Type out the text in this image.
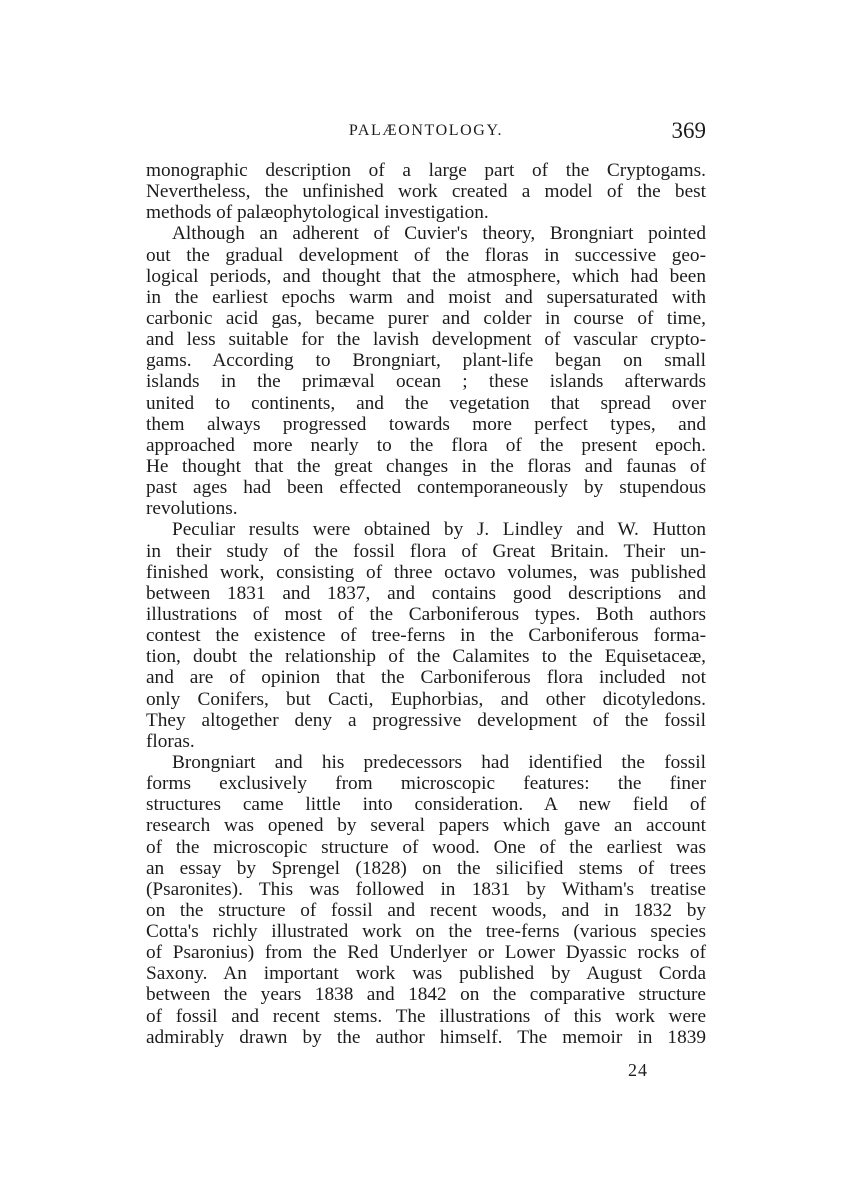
PALÆONTOLOGY.	369
monographic description of a large part of the Cryptogams.
Nevertheless, the unfinished work created a model of the best
methods of palæophytological investigation.
Although an adherent of Cuvier's theory, Brongniart pointed
out the gradual development of the floras in successive geo-
logical periods, and thought that the atmosphere, which had been
in the earliest epochs warm and moist and supersaturated with
carbonic acid gas, became purer and colder in course of time,
and less suitable for the lavish development of vascular crypto-
gams. According to Brongniart, plant-life began on small
islands in the primæval ocean ; these islands afterwards
united to continents, and the vegetation that spread over
them always progressed towards more perfect types, and
approached more nearly to the flora of the present epoch.
He thought that the great changes in the floras and faunas of
past ages had been effected contemporaneously by stupendous
revolutions.
Peculiar results were obtained by J. Lindley and W. Hutton
in their study of the fossil flora of Great Britain. Their un-
finished work, consisting of three octavo volumes, was published
between 1831 and 1837, and contains good descriptions and
illustrations of most of the Carboniferous types. Both authors
contest the existence of tree-ferns in the Carboniferous forma-
tion, doubt the relationship of the Calamites to the Equisetaceæ,
and are of opinion that the Carboniferous flora included not
only Conifers, but Cacti, Euphorbias, and other dicotyledons.
They altogether deny a progressive development of the fossil
floras.
Brongniart and his predecessors had identified the fossil
forms exclusively from microscopic features: the finer
structures came little into consideration. A new field of
research was opened by several papers which gave an account
of the microscopic structure of wood. One of the earliest was
an essay by Sprengel (1828) on the silicified stems of trees
(Psaronites). This was followed in 1831 by Witham's treatise
on the structure of fossil and recent woods, and in 1832 by
Cotta's richly illustrated work on the tree-ferns (various species
of Psaronius) from the Red Underlyer or Lower Dyassic rocks of
Saxony. An important work was published by August Corda
between the years 1838 and 1842 on the comparative structure
of fossil and recent stems. The illustrations of this work were
admirably drawn by the author himself. The memoir in 1839
24
